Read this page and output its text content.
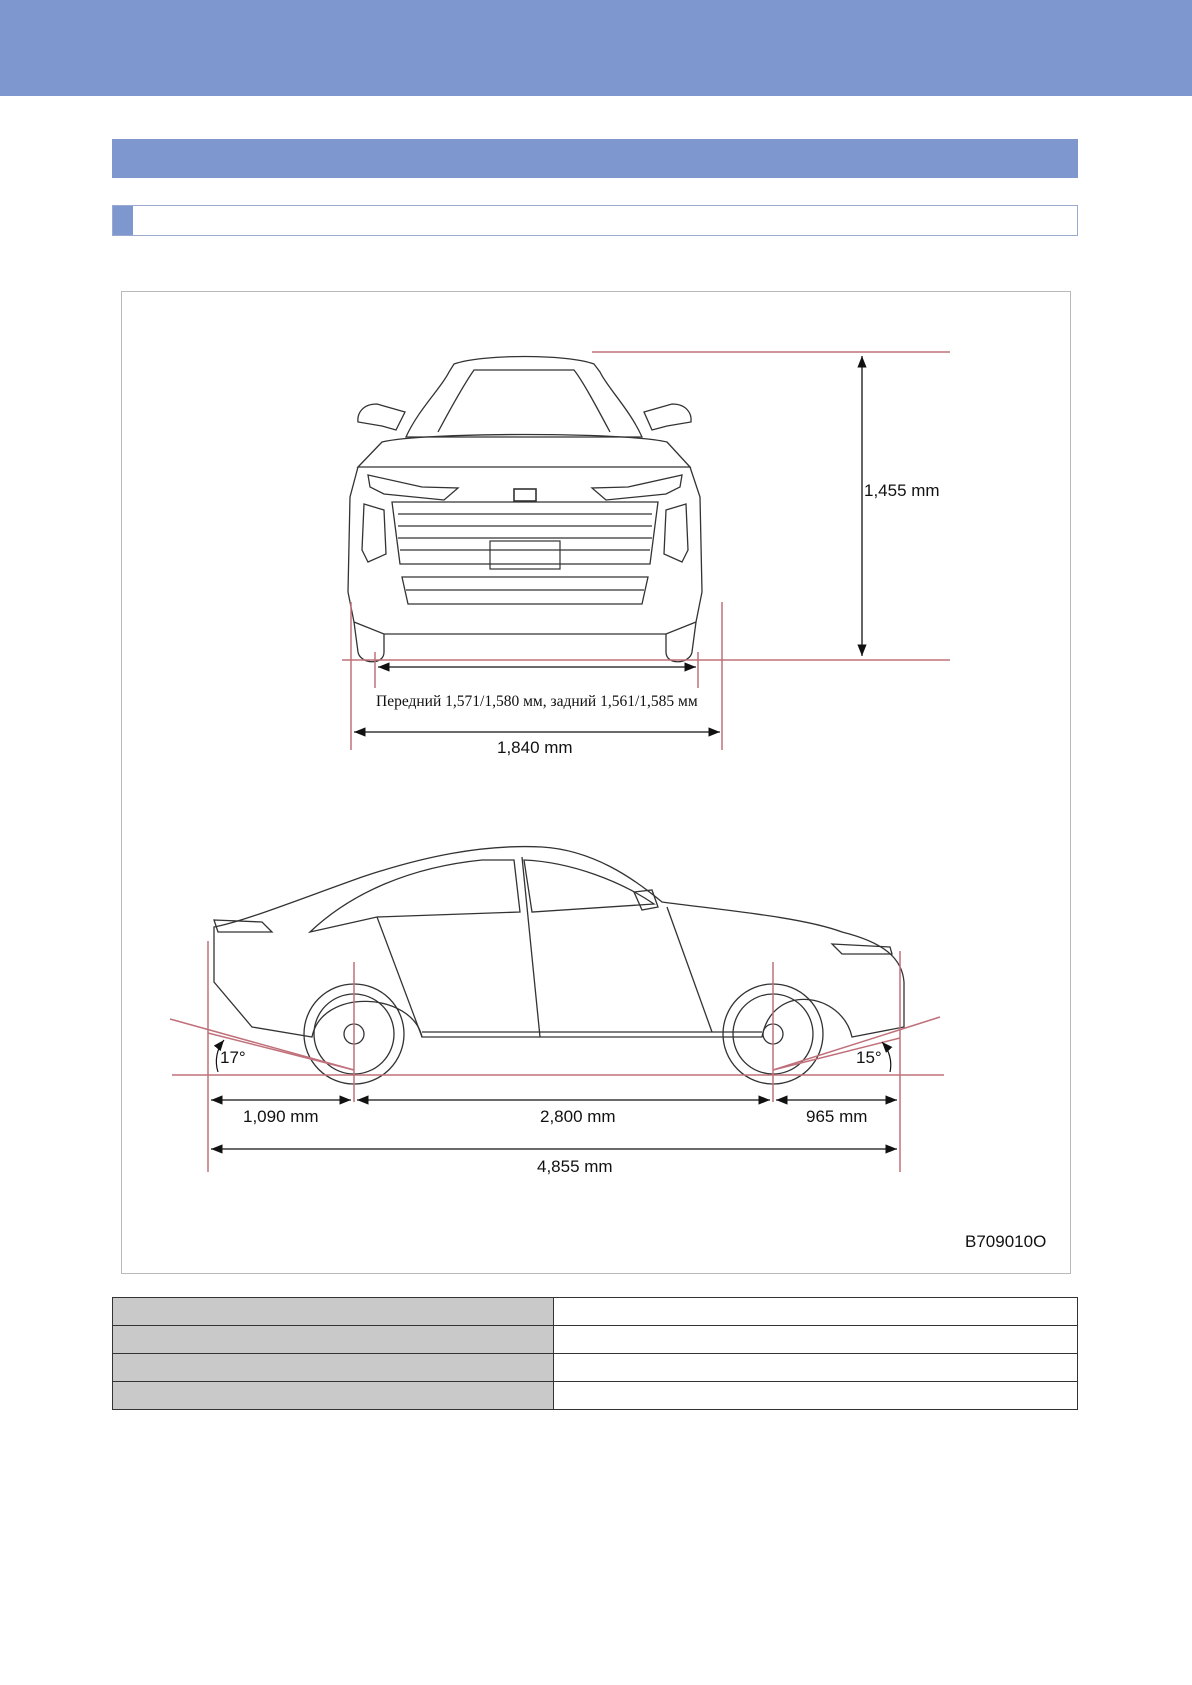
1,455 mm
Передний 1,571/1,580 мм, задний 1,561/1,585 мм
1,840 mm
17°	15°
1,090 mm	2,800 mm	965 mm
4,855 mm
B709010O
